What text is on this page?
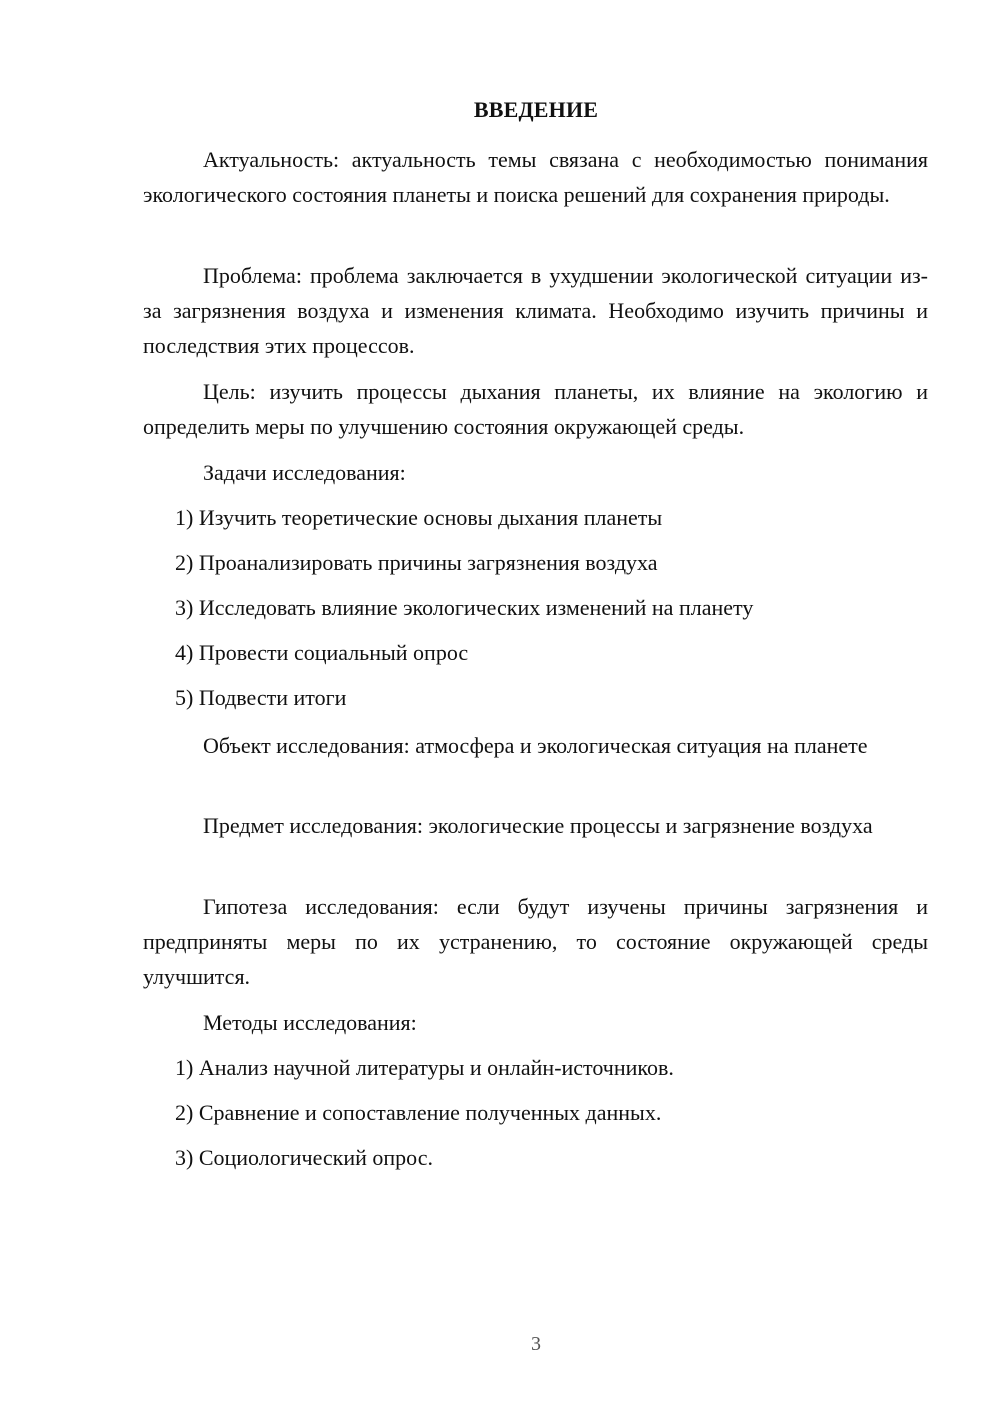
ВВЕДЕНИЕ

Актуальность: актуальность темы связана с необходимостью понимания экологического состояния планеты и поиска решений для сохранения природы.

Проблема: проблема заключается в ухудшении экологической ситуации из-за загрязнения воздуха и изменения климата. Необходимо изучить причины и последствия этих процессов.

Цель: изучить процессы дыхания планеты, их влияние на экологию и определить меры по улучшению состояния окружающей среды.

Задачи исследования:
1) Изучить теоретические основы дыхания планеты
2) Проанализировать причины загрязнения воздуха
3) Исследовать влияние экологических изменений на планету
4) Провести социальный опрос
5) Подвести итоги

Объект исследования: атмосфера и экологическая ситуация на планете

Предмет исследования: экологические процессы и загрязнение воздуха

Гипотеза исследования: если будут изучены причины загрязнения и предприняты меры по их устранению, то состояние окружающей среды улучшится.

Методы исследования:
1) Анализ научной литературы и онлайн-источников.
2) Сравнение и сопоставление полученных данных.
3) Социологический опрос.
3
